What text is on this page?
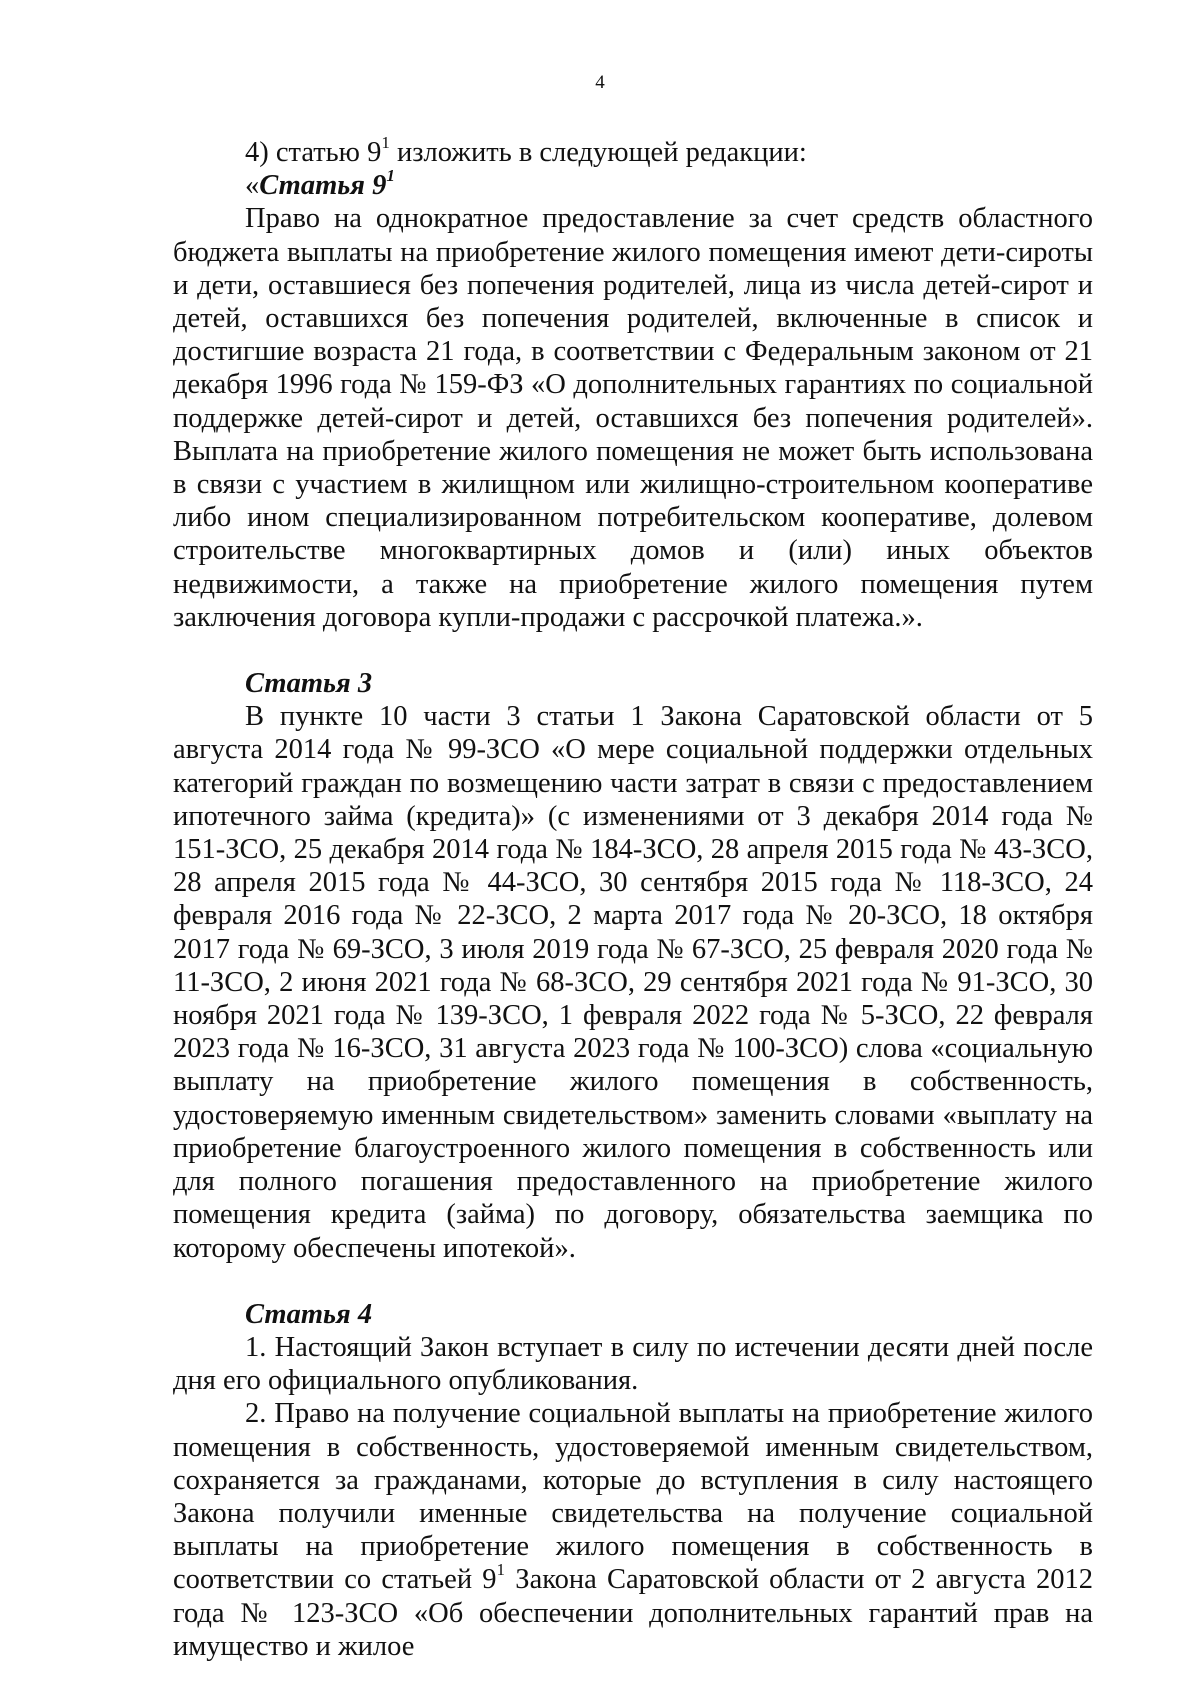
4

4) статью $9^1$ изложить в следующей редакции:

«Статья $9^1$

Право на однократное предоставление за счет средств областного бюджета выплаты на приобретение жилого помещения имеют дети-сироты и дети, оставшиеся без попечения родителей, лица из числа детей-сирот и детей, оставшихся без попечения родителей, включенные в список и достигшие возраста 21 года, в соответствии с Федеральным законом от 21 декабря 1996 года № 159-ФЗ «О дополнительных гарантиях по социальной поддержке детей-сирот и детей, оставшихся без попечения родителей». Выплата на приобретение жилого помещения не может быть использована в связи с участием в жилищном или жилищно-строительном кооперативе либо ином специализированном потребительском кооперативе, долевом строительстве многоквартирных домов и (или) иных объектов недвижимости, а также на приобретение жилого помещения путем заключения договора купли-продажи с рассрочкой платежа.».

Статья 3

В пункте 10 части 3 статьи 1 Закона Саратовской области от 5 августа 2014 года № 99-ЗСО «О мере социальной поддержки отдельных категорий граждан по возмещению части затрат в связи с предоставлением ипотечного займа (кредита)» (с изменениями от 3 декабря 2014 года № 151-ЗСО, 25 декабря 2014 года № 184-ЗСО, 28 апреля 2015 года № 43-ЗСО, 28 апреля 2015 года № 44-ЗСО, 30 сентября 2015 года № 118-ЗСО, 24 февраля 2016 года № 22-ЗСО, 2 марта 2017 года № 20-ЗСО, 18 октября 2017 года № 69-ЗСО, 3 июля 2019 года № 67-ЗСО, 25 февраля 2020 года № 11-ЗСО, 2 июня 2021 года № 68-ЗСО, 29 сентября 2021 года № 91-ЗСО, 30 ноября 2021 года № 139-ЗСО, 1 февраля 2022 года № 5-ЗСО, 22 февраля 2023 года № 16-ЗСО, 31 августа 2023 года № 100-ЗСО) слова «социальную выплату на приобретение жилого помещения в собственность, удостоверяемую именным свидетельством» заменить словами «выплату на приобретение благоустроенного жилого помещения в собственность или для полного погашения предоставленного на приобретение жилого помещения кредита (займа) по договору, обязательства заемщика по которому обеспечены ипотекой».

Статья 4

1. Настоящий Закон вступает в силу по истечении десяти дней после дня его официального опубликования.

2. Право на получение социальной выплаты на приобретение жилого помещения в собственность, удостоверяемой именным свидетельством, сохраняется за гражданами, которые до вступления в силу настоящего Закона получили именные свидетельства на получение социальной выплаты на приобретение жилого помещения в собственность в соответствии со статьей $9^1$ Закона Саратовской области от 2 августа 2012 года № 123-ЗСО «Об обеспечении дополнительных гарантий прав на имущество и жилое
